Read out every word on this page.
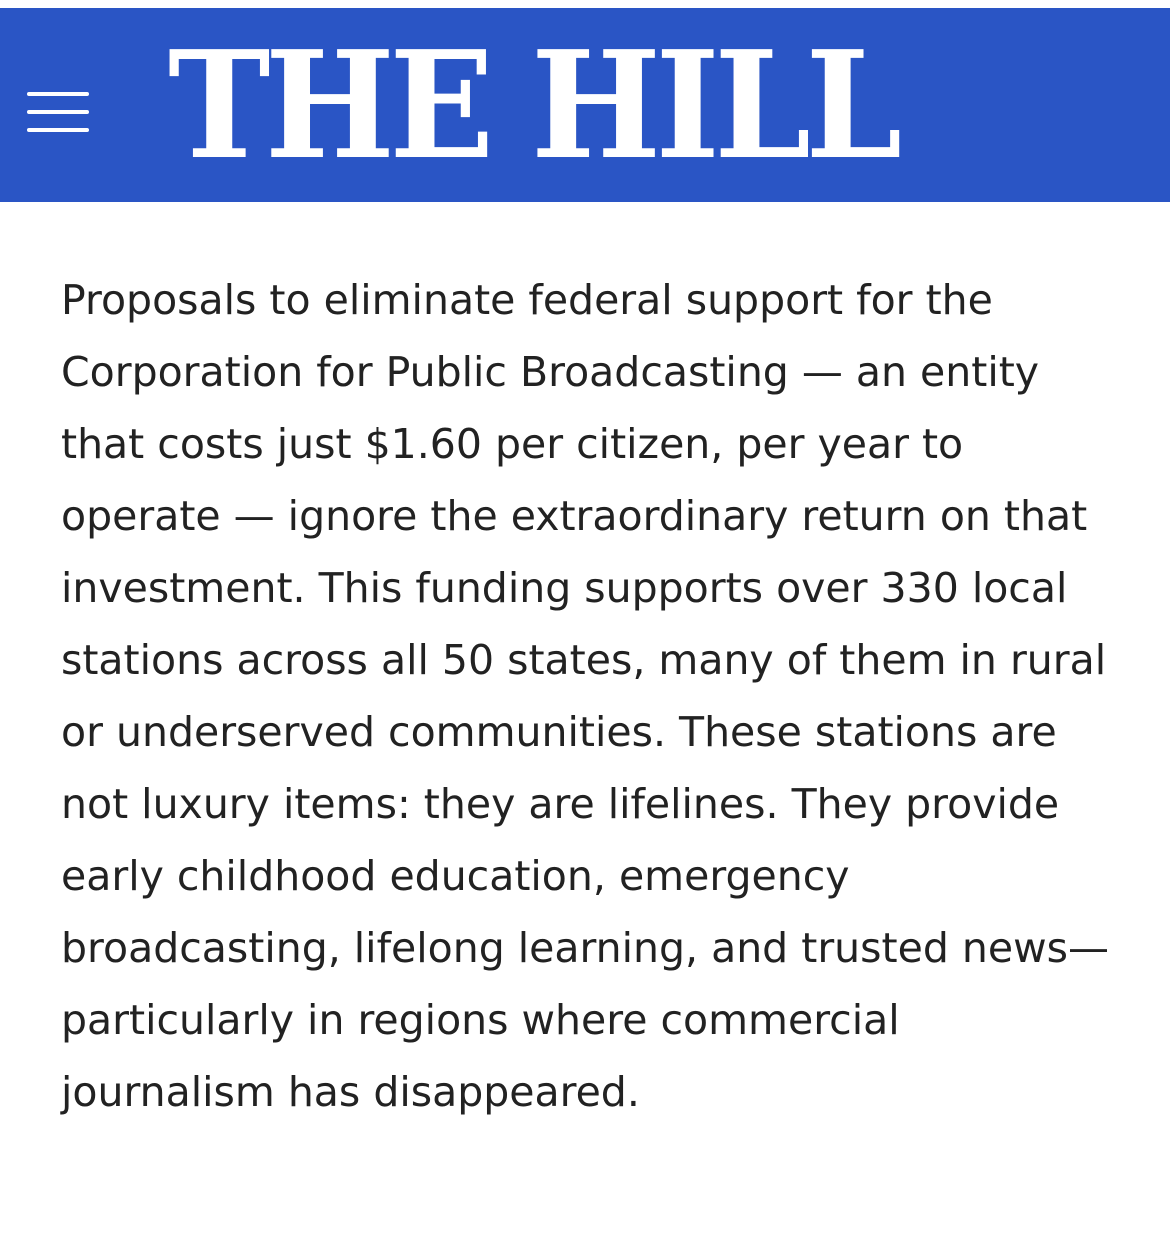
THE HILL

Proposals to eliminate federal support for the Corporation for Public Broadcasting — an entity that costs just $1.60 per citizen, per year to operate — ignore the extraordinary return on that investment. This funding supports over 330 local stations across all 50 states, many of them in rural or underserved communities. These stations are not luxury items: they are lifelines. They provide early childhood education, emergency broadcasting, lifelong learning, and trusted news— particularly in regions where commercial journalism has disappeared.
